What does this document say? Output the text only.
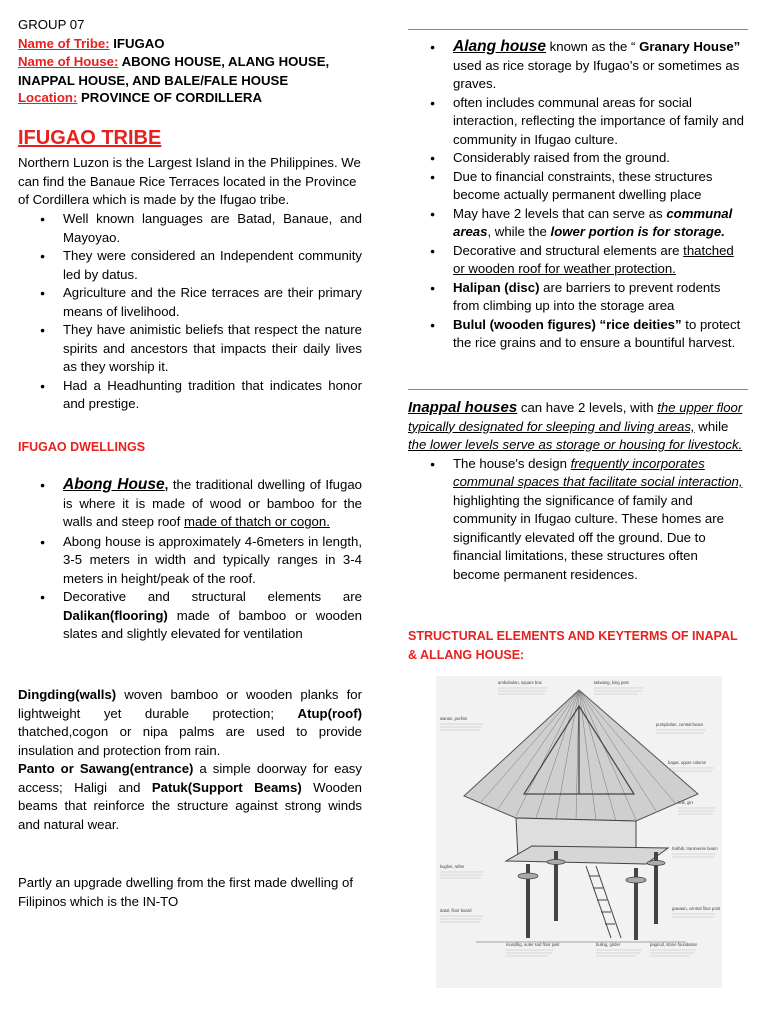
GROUP 07
Name of Tribe: IFUGAO
Name of House: ABONG HOUSE, ALANG HOUSE, INAPPAL HOUSE, AND BALE/FALE HOUSE
Location: PROVINCE OF CORDILLERA
IFUGAO TRIBE
Northern Luzon is the Largest Island in the Philippines. We can find the Banaue Rice Terraces located in the Province of Cordillera which is made by the Ifugao tribe.
● Well known languages are Batad, Banaue, and Mayoyao.
● They were considered an Independent community led by datus.
● Agriculture and the Rice terraces are their primary means of livelihood.
● They have animistic beliefs that respect the nature spirits and ancestors that impacts their daily lives as they worship it.
● Had a Headhunting tradition that indicates honor and prestige.
IFUGAO DWELLINGS
● Abong House, the traditional dwelling of Ifugao is where it is made of wood or bamboo for the walls and steep roof made of thatch or cogon.
● Abong house is approximately 4-6meters in length, 3-5 meters in width and typically ranges in 3-4 meters in height/peak of the roof.
● Decorative and structural elements are Dalikan(flooring) made of bamboo or wooden slates and slightly elevated for ventilation
Dingding(walls) woven bamboo or wooden planks for lightweight yet durable protection; Atup(roof) thatched,cogon or nipa palms are used to provide insulation and protection from rain.
Panto or Sawang(entrance) a simple doorway for easy access; Haligi and Patuk(Support Beams) Wooden beams that reinforce the structure against strong winds and natural wear.
Partly an upgrade dwelling from the first made dwelling of Filipinos which is the IN-TO
● Alang house known as the “ Granary House” used as rice storage by Ifugao’s or sometimes as graves.
● often includes communal areas for social interaction, reflecting the importance of family and community in Ifugao culture.
● Considerably raised from the ground.
● Due to financial constraints, these structures become actually permanent dwelling place
● May have 2 levels that can serve as communal areas, while the lower portion is for storage.
● Decorative and structural elements are thatched or wooden roof for weather protection.
● Halipan (disc) are barriers to prevent rodents from climbing up into the storage area
● Bulul (wooden figures) “rice deities” to protect the rice grains and to ensure a bountiful harvest.
Inappal houses can have 2 levels, with the upper floor typically designated for sleeping and living areas, while the lower levels serve as storage or housing for livestock.
● The house's design frequently incorporates communal spaces that facilitate social interaction, highlighting the significance of family and community in Ifugao culture. These homes are significantly elevated off the ground. Due to financial limitations, these structures often become permanent residences.
STRUCTURAL ELEMENTS AND KEYTERMS OF INAPAL & ALLANG HOUSE:
ambubulan, square box	takwang, king post
wanan, purlins
pumpitolan, central beam
bagat, upper column
huk, girt
halihib, transverse beam
kughei, rafter
gawaan, central floor post
datol, floor board
mundilig, outer sod floor joist	buling, girder	pagnod, stone foundation
